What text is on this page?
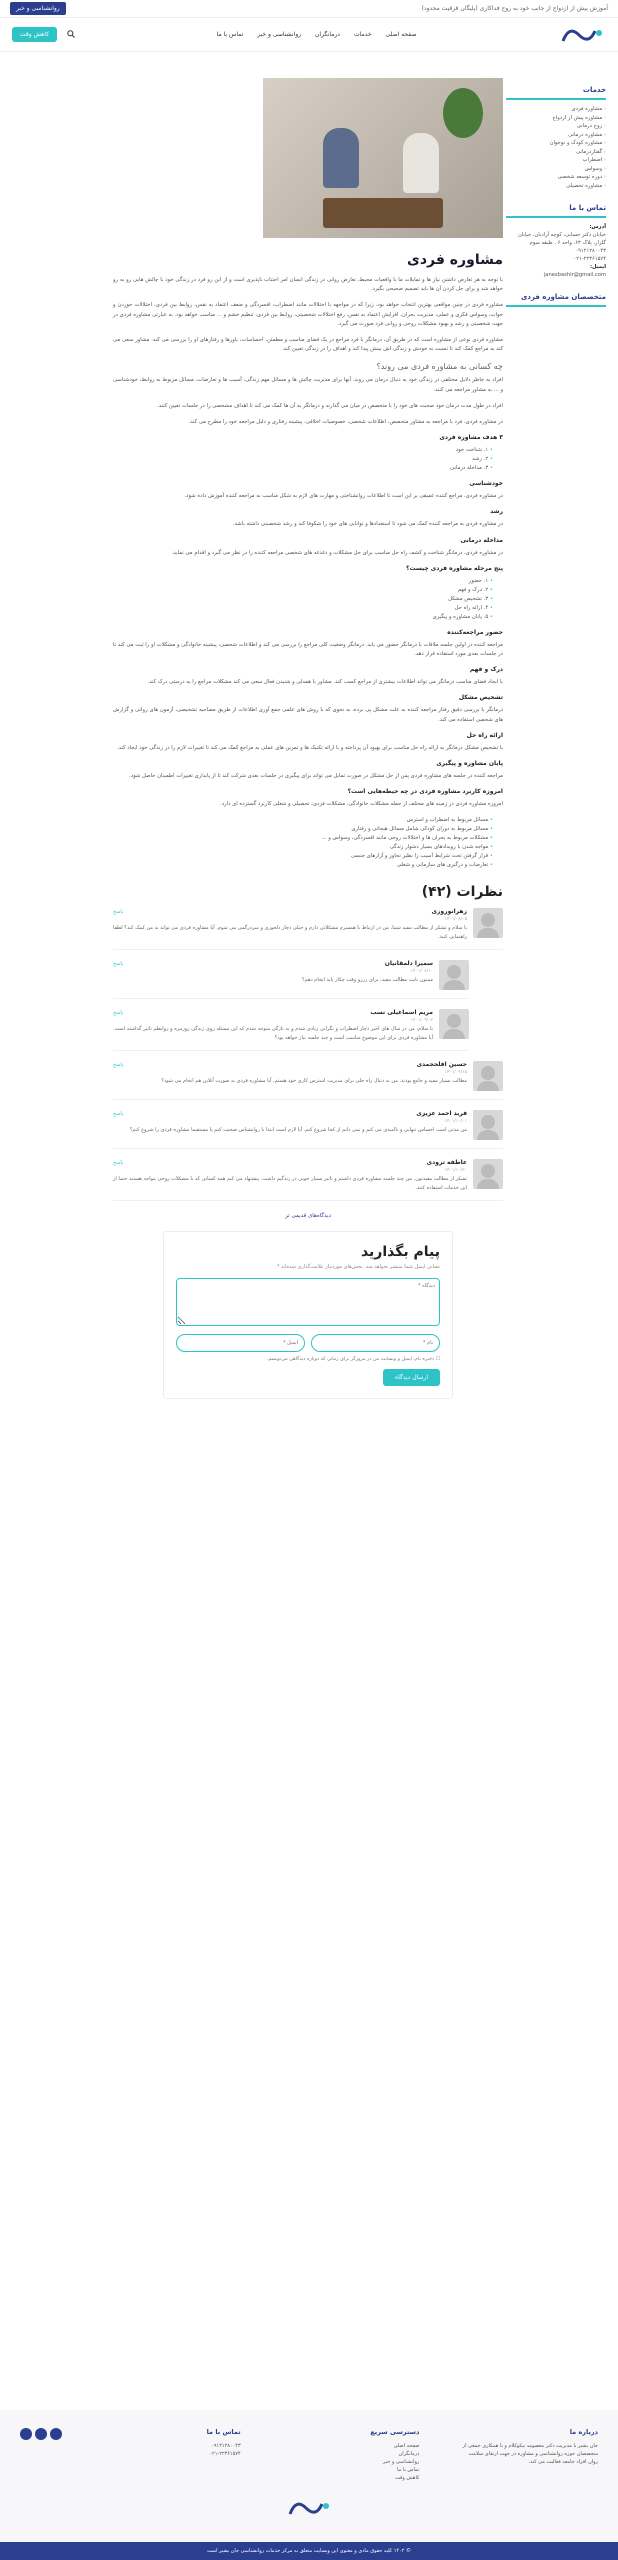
آموزش پیش از ازدواج از جانب خود به روح فداکاری (پلیگان قرقیت محدود)
روانشناسی و خبر
صفحه اصلی
خدمات
درمانگران
روانشناسی و خبر
تماس با ما
کاهش وقت
مشاوره فردی

با توجه به هر تعارض داشتن نیاز ها و تمایلات ما با واقعیات محیط، تعارض روانی در زندگی انسان امر اجتناب ناپذیری است و از این رو فرد در زندگی خود با چالش هایی رو به رو خواهد شد و برای حل کردن آن ها باید تصمیم صحیحی بگیرد.

مشاوره فردی در چنین مواقعی بهترین انتخاب خواهد بود. زیرا که در مواجهه با اختلالات مانند اضطراب، افسردگی و ضعف اعتماد به نفس، روابط بین فردی، اختلالات خوردن و خواب، وسواس فکری و عملی، مدیریت بحران، افزایش اعتماد به نفس، رفع اختلالات شخصیتی، روابط بین فردی، تنظیم خشم و ... مناسب خواهد بود. به عبارتی مشاوره فردی در جهت شخصیتی و رشد و بهبود مشکلات روحی و روانی فرد صورت می گیرد.

مشاوره فردی نوعی از مشاوره است که در طریق آن، درمانگر با فرد مراجع در یک فضای مناسب و مطمئن، احساسات، باورها و رفتارهای او را بررسی می کند. مشاور سعی می کند به مراجع کمک کند تا نسبت به خودش و زندگی اش بینش پیدا کند و اهداف را در زندگی تعیین کند.

چه کسانی به مشاوره فردی می روند؟

افراد به خاطر دلایل مختلفی در زندگی خود به دنبال درمان می روند. آنها برای مدیریت چالش ها و مسائل مهم زندگی، آسیب ها و تعارضات، مسائل مربوط به روابط، خودشناسی و ... به مشاور مراجعه می کنند.

افراد در طول مدت درمان خود صحبت های خود را با متخصص در میان می گذارند و درمانگر به آن ها کمک می کند تا اهداف مشخصی را در جلسات تعیین کنند.

در مشاوره فردی، فرد با مراجعه به مشاور متخصص، اطلاعات شخصی، خصوصیات اخلاقی، پیشینه رفتاری و دلیل مراجعه خود را مطرح می کند.

۳ هدف مشاوره فردی
• ۱. شناخت خود
• ۲. رشد
• ۳. مداخله درمانی
خودشناسی

در مشاوره فردی، مراجع کننده عمیقی بر این است تا اطلاعات روانشناختی و مهارت های لازم به شکل مناسب به مراجعه کننده آموزش داده شود.

رشد

در مشاوره فردی به مراجعه کننده کمک می شود تا استعدادها و توانایی های خود را شکوفا کند و رشد شخصیتی داشته باشد.

مداخله درمانی

در مشاوره فردی، درمانگر شناخت و کشف راه حل مناسب برای حل مشکلات و دغدغه های شخصی مراجعه کننده را در نظر می گیرد و اقدام می نماید.

پنج مرحله مشاوره فردی چیست؟
• ۱. حضور
• ۲. درک و فهم
• ۳. تشخیص مشکل
• ۴. ارائه راه حل
• ۵. پایان مشاوره و پیگیری
حضور مراجعه‌کننده

مراجعه کننده در اولین جلسه ملاقات با درمانگر حضور می یابد. درمانگر وضعیت کلی مراجع را بررسی می کند و اطلاعات شخصی، پیشینه خانوادگی و مشکلات او را ثبت می کند تا در جلسات بعدی مورد استفاده قرار دهد.

درک و فهم

با ایجاد فضای مناسب درمانگر می تواند اطلاعات بیشتری از مراجع کسب کند. مشاور با همدلی و شنیدن فعال سعی می کند مشکلات مراجع را به درستی درک کند.

تشخیص مشکل

درمانگر با بررسی دقیق رفتار مراجعه کننده به علت مشکل پی برده، به نحوی که با روش های علمی جمع آوری اطلاعات از طریق مصاحبه تشخیصی، آزمون های روانی و گزارش های شخصی استفاده می کند.

ارائه راه حل

با تشخیص مشکل درمانگر به ارائه راه حل مناسب برای بهبود آن پرداخته و با ارائه تکنیک ها و تمرین های عملی به مراجع کمک می کند تا تغییرات لازم را در زندگی خود ایجاد کند.

پایان مشاوره و پیگیری

مراجعه کننده در جلسه های مشاوره فردی پس از حل مشکل در صورت تمایل می تواند برای پیگیری در جلسات بعدی شرکت کند تا از پایداری تغییرات اطمینان حاصل شود.

امروزه کاربرد مشاوره فردی در چه حیطه‌هایی است؟

امروزه مشاوره فردی در زمینه های مختلف از جمله مشکلات خانوادگی، مشکلات فردی، تحصیلی و شغلی کاربرد گسترده ای دارد.

• مسائل مربوط به اضطراب و استرس
• مسائل مربوط به دوران کودکی شامل مسائل هیجانی و رفتاری
• مشکلات مربوط به بحران ها و اختلالات روحی مانند افسردگی، وسواس و ...
• مواجه شدن با رویدادهای بسیار دشوار زندگی
• قرار گرفتن تحت شرایط آسیب زا نظیر تجاوز و آزارهای جنسی
• تعارضات و درگیری های سازمانی و شغلی
نظرات (۴۲)
زهرانوروزی
پاسخ
۱۴۰۱/۰۸/۰۵
با سلام و تشکر از مطالب مفید شما، من در ارتباط با همسرم مشکلاتی دارم و خیلی دچار دلخوری و سردرگمی می شوم. آیا مشاوره فردی می تواند به من کمک کند؟ لطفا راهنمایی کنید.
سمیرا دلمقانیان
پاسخ
۱۴۰۱/۰۸/۱۰
ممنون بابت مطالب مفید، برای رزرو وقت چکار باید انجام دهم؟
مریم اسماعیلی نسب
پاسخ
۱۴۰۱/۰۹/۰۲
با سلام، من در سال های اخیر دچار اضطراب و نگرانی زیادی شدم و به تازگی متوجه شدم که این مسئله روی زندگی روزمره و روابطم تاثیر گذاشته است. آیا مشاوره فردی برای این موضوع مناسب است و چند جلسه نیاز خواهد بود؟
حسین افلحجمدی
پاسخ
۱۴۰۱/۰۹/۱۵
مطالب بسیار مفید و جامع بودند. من به دنبال راه حلی برای مدیریت استرس کاری خود هستم. آیا مشاوره فردی به صورت آنلاین هم انجام می شود؟
فرید احمد عزیزی
پاسخ
۱۴۰۱/۱۰/۰۱
من مدتی است احساس تنهایی و ناامیدی می کنم و نمی دانم از کجا شروع کنم. آیا لازم است ابتدا با روانشناس صحبت کنم یا مستقیما مشاوره فردی را شروع کنم؟
عاطفه ترودی
پاسخ
۱۴۰۱/۱۰/۲۰
تشکر از مطالب مفیدتون. من چند جلسه مشاوره فردی داشتم و تاثیر بسیار خوبی در زندگیم داشت. پیشنهاد می کنم همه کسانی که با مشکلات روحی مواجه هستند حتما از این خدمات استفاده کنند.
دیدگاه‌های قدیمی تر
پیام بگذارید
نشانی ایمیل شما منتشر نخواهد شد. بخش‌های موردنیاز علامت‌گذاری شده‌اند *
دیدگاه *
نام *
ایمیل *
☐ ذخیره نام، ایمیل و وبسایت من در مرورگر برای زمانی که دوباره دیدگاهی می‌نویسم.
ارسال دیدگاه
خدمات
‹ مشاوره فردی
‹ مشاوره پیش از ازدواج
‹ زوج درمانی
‹ مشاوره درمانی
‹ مشاوره کودک و نوجوان
‹ گفتاردرمانی
‹ اضطراب
‹ وسواس
‹ دوره توسعه شخصی
‹ مشاوره تحصیلی
تماس با ما
آدرس:
خیابان دکتر حسابی، کوچه آزادیان، خیابان گلزار، پلاک ۶۳، واحد ۶ ، طبقه سوم
۰۹۱۲۱۲۸۰۰۴۳
۰۲۱-۲۲۳۶۱۵۷۴
ایمیل:
janesbashir@gmail.com
متخصصان مشاوره فردی
درباره ما

جان بشیر با مدیریت دکتر معصومه نیکوکلام و با همکاری جمعی از متخصصان حوزه روانشناسی و مشاوره در جهت ارتقای سلامت روان افراد جامعه فعالیت می کند.

دسترسی سریع
صفحه اصلی
درمانگران
روانشناسی و خبر
تماس با ما
کاهش وقت
تماس با ما
۰۹۱۲۱۲۸۰۰۴۳
۰۲۱-۲۲۳۶۱۵۷۴
© ۱۴۰۲ کلیه حقوق مادی و معنوی این وبسایت متعلق به مرکز خدمات روانشناسی جان بشیر است
